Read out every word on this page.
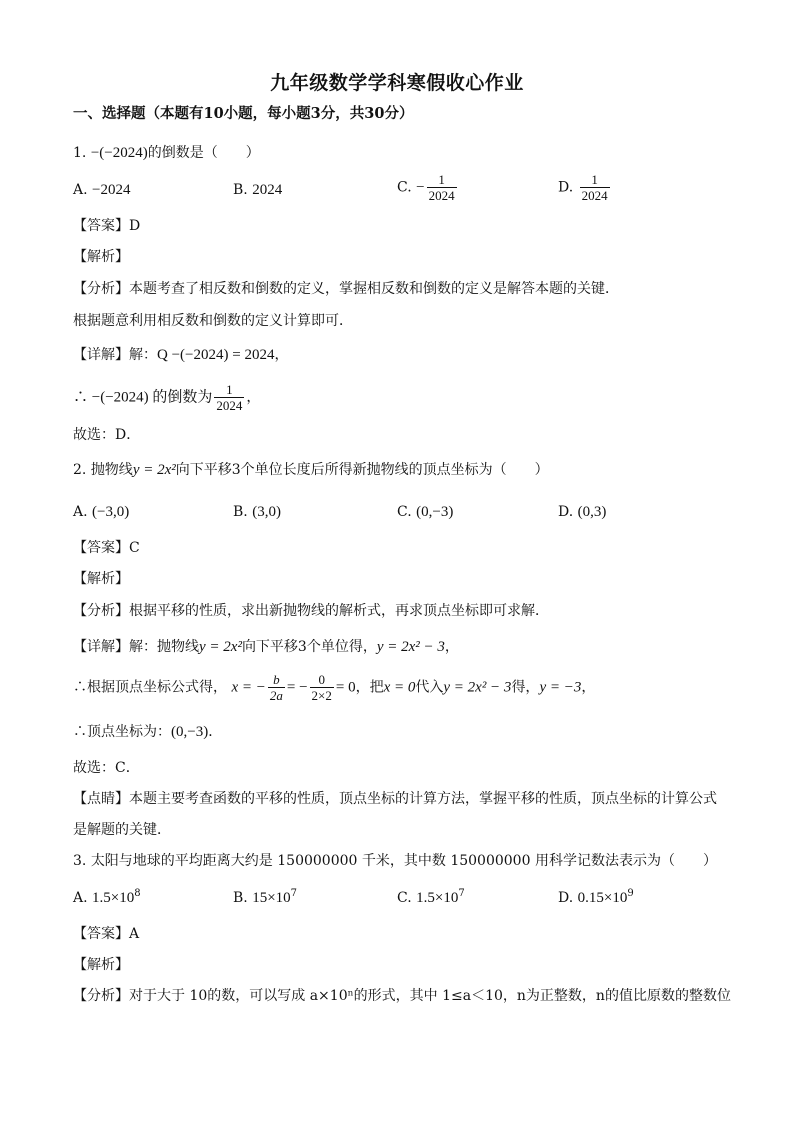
九年级数学学科寒假收心作业
一、选择题（本题有10小题，每小题3分，共30分）
1. −(−2024)的倒数是（　　）
A. −2024	B. 2024	C. − $\frac{1}{2024}$	D. $\frac{1}{2024}$
【答案】D
【解析】
【分析】本题考查了相反数和倒数的定义，掌握相反数和倒数的定义是解答本题的关键．
根据题意利用相反数和倒数的定义计算即可．
【详解】解：Q −(−2024) = 2024，
∴ −(−2024) 的倒数为 $\frac{1}{2024}$ ，
故选：D．
2. 抛物线y = 2x²向下平移3个单位长度后所得新抛物线的顶点坐标为（　　）
A. (−3,0)	B. (3,0)	C. (0,−3)	D. (0,3)
【答案】C
【解析】
【分析】根据平移的性质，求出新抛物线的解析式，再求顶点坐标即可求解．
【详解】解：抛物线y = 2x²向下平移3个单位得，y = 2x² − 3，
∴根据顶点坐标公式得， x = − $\frac{b}{2a}$ = − $\frac{0}{2\times 2} = 0$，把x = 0代入y = 2x² − 3得，y = −3，
∴顶点坐标为：(0,−3)．
故选：C．
【点睛】本题主要考查函数的平移的性质，顶点坐标的计算方法，掌握平移的性质，顶点坐标的计算公式
是解题的关键．
3. 太阳与地球的平均距离大约是 150000000 千米，其中数 150000000 用科学记数法表示为（　　）
A. $1.5\times 10^8$	B. $15\times 10^7$	C. $1.5\times 10^7$	D. $0.15\times 10^9$
【答案】A
【解析】
【分析】对于大于 10的数，可以写成 a×10ⁿ的形式，其中 1≤a＜10，n为正整数，n的值比原数的整数位
